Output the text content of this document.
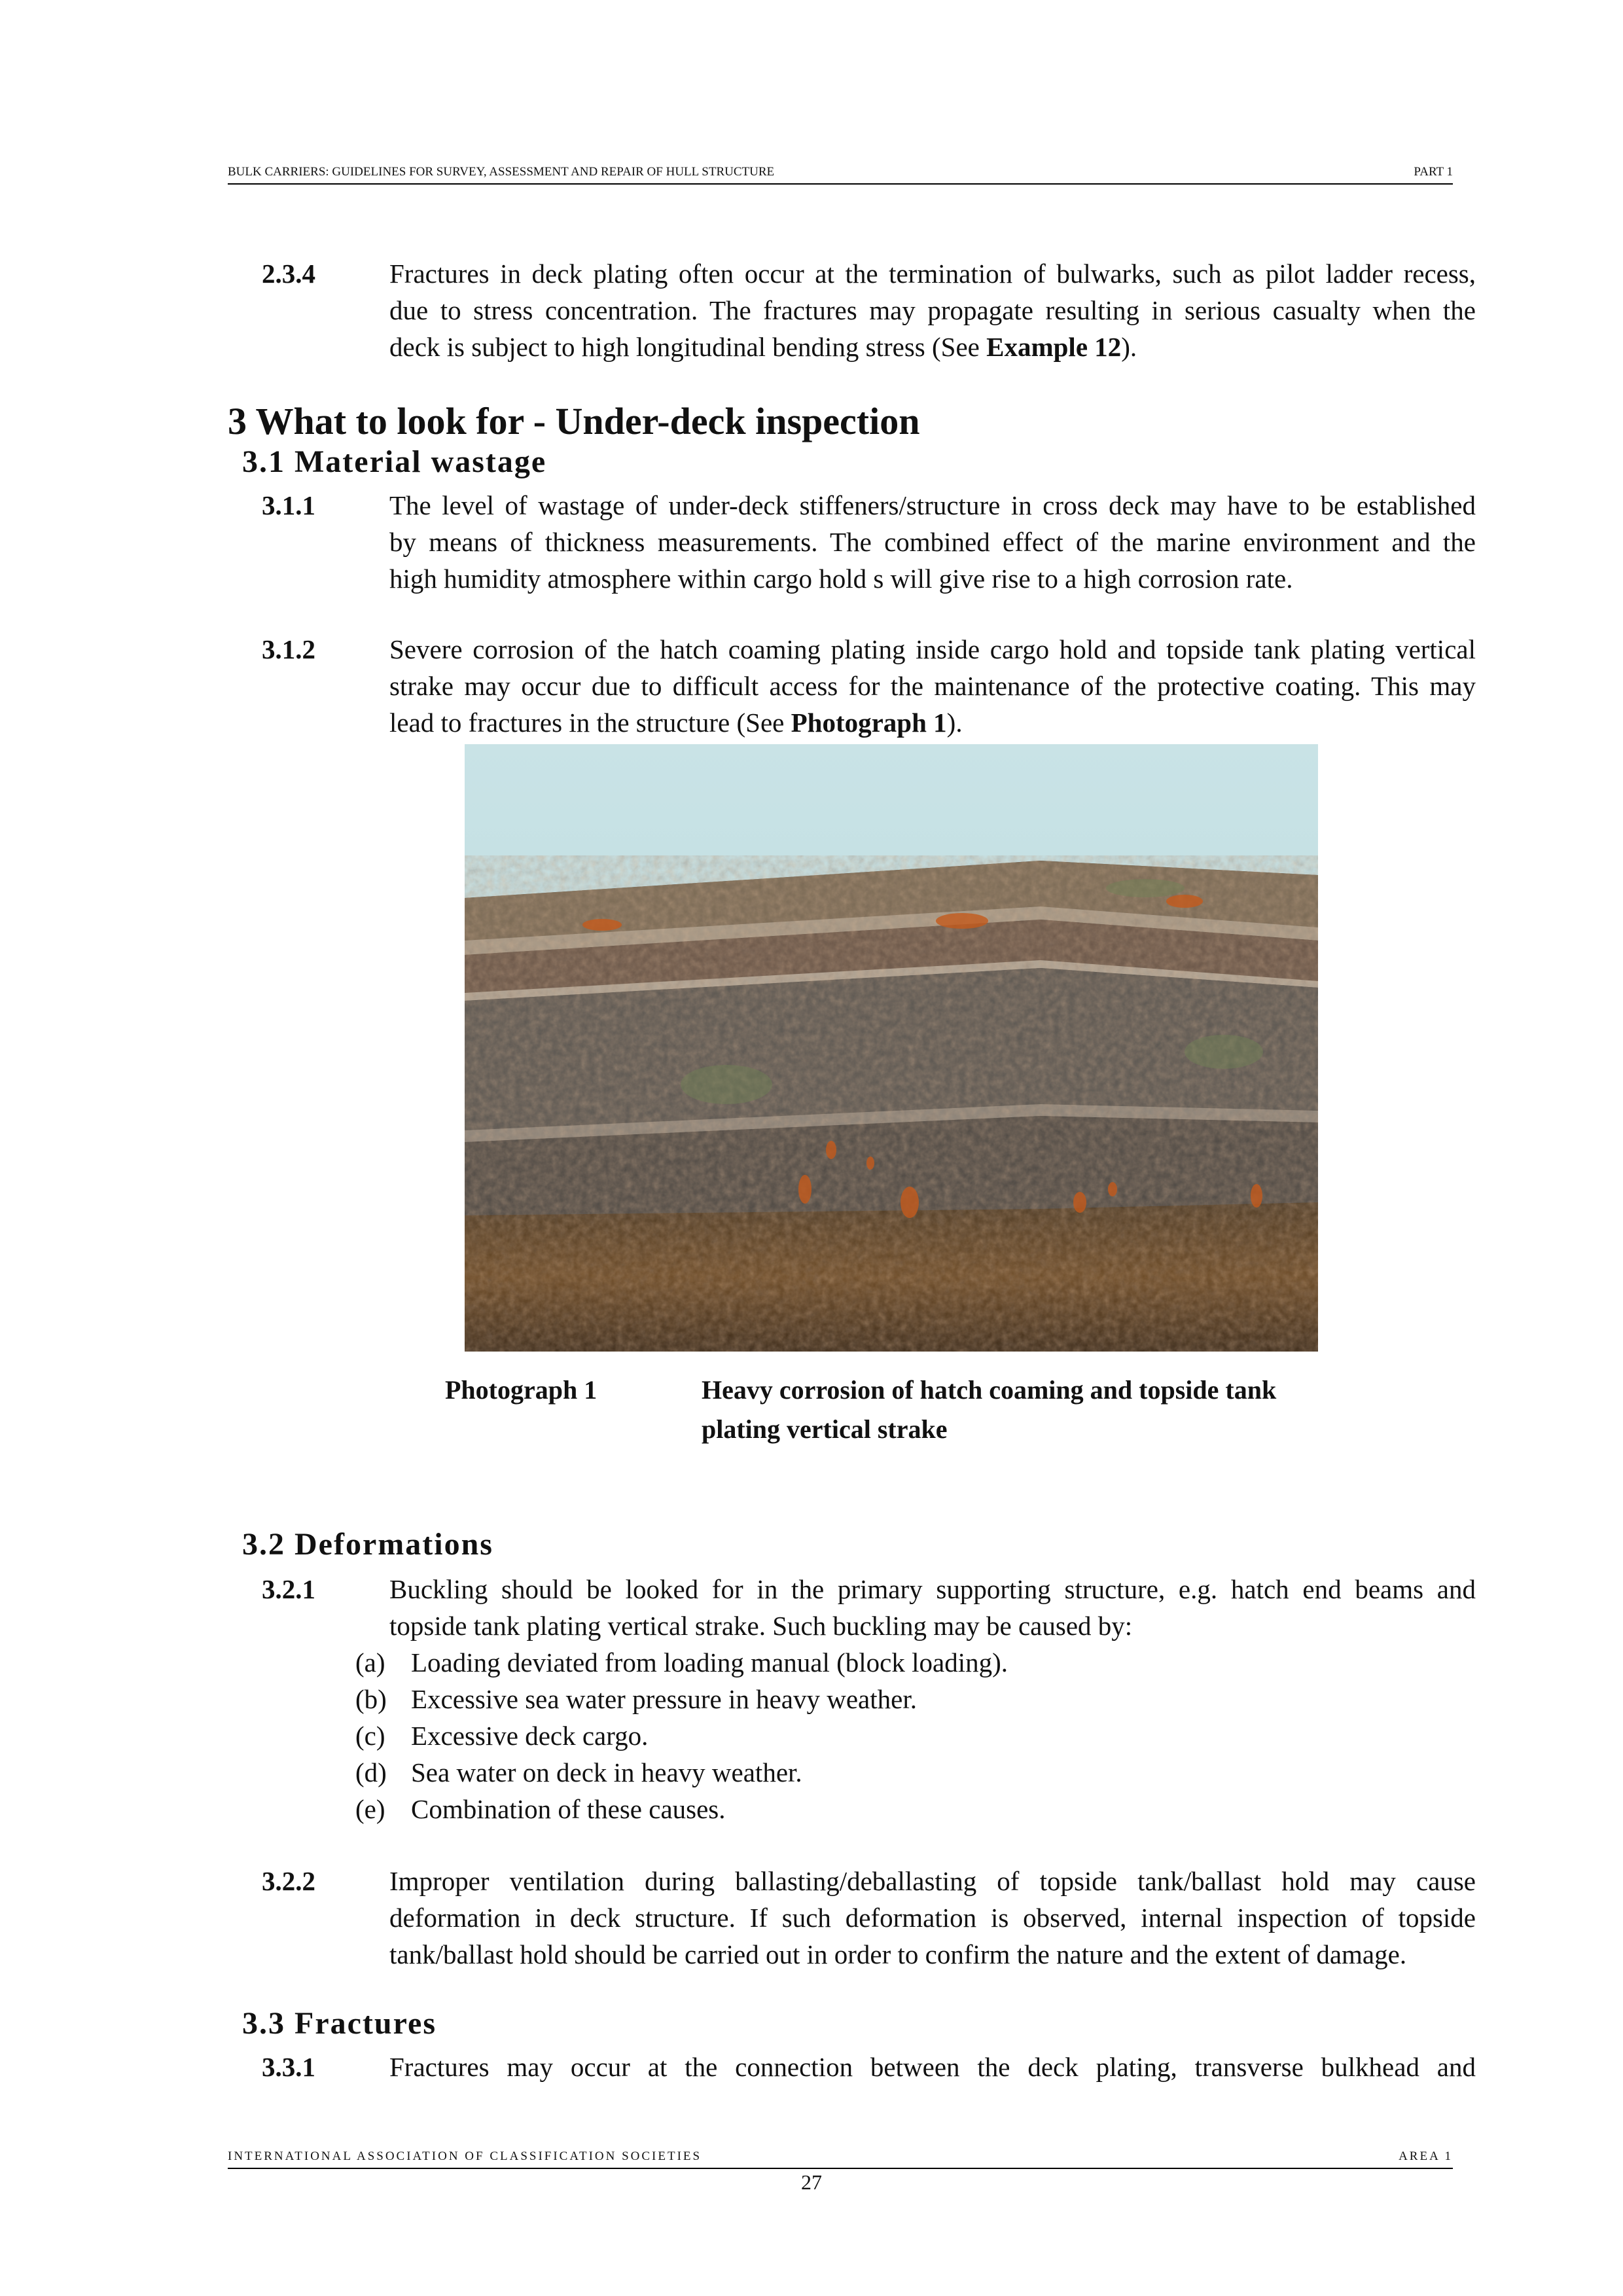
BULK CARRIERS: GUIDELINES FOR SURVEY, ASSESSMENT AND REPAIR OF HULL STRUCTURE	PART 1
2.3.4	Fractures in deck plating often occur at the termination of bulwarks, such as pilot ladder recess,
due to stress concentration. The fractures may propagate resulting in serious casualty when the
deck is subject to high longitudinal bending stress (See Example 12).
3 What to look for - Under-deck inspection
3.1 Material wastage
3.1.1	The level of wastage of under-deck stiffeners/structure in cross deck may have to be established
by means of thickness measurements. The combined effect of the marine environment and the
high humidity atmosphere within cargo hold s will give rise to a high corrosion rate.
3.1.2	Severe corrosion of the hatch coaming plating inside cargo hold and topside tank plating vertical
strake may occur due to difficult access for the maintenance of the protective coating. This may
lead to fractures in the structure (See Photograph 1).
Photograph 1	Heavy corrosion of hatch coaming and topside tank
plating vertical strake
3.2 Deformations
3.2.1	Buckling should be looked for in the primary supporting structure, e.g. hatch end beams and
topside tank plating vertical strake. Such buckling may be caused by:
(a) Loading deviated from loading manual (block loading).
(b) Excessive sea water pressure in heavy weather.
(c) Excessive deck cargo.
(d) Sea water on deck in heavy weather.
(e) Combination of these causes.
3.2.2	Improper ventilation during ballasting/deballasting of topside tank/ballast hold may cause
deformation in deck structure. If such deformation is observed, internal inspection of topside
tank/ballast hold should be carried out in order to confirm the nature and the extent of damage.
3.3 Fractures
3.3.1	Fractures may occur at the connection between the deck plating, transverse bulkhead and
INTERNATIONAL ASSOCIATION OF CLASSIFICATION SOCIETIES	AREA 1
27
